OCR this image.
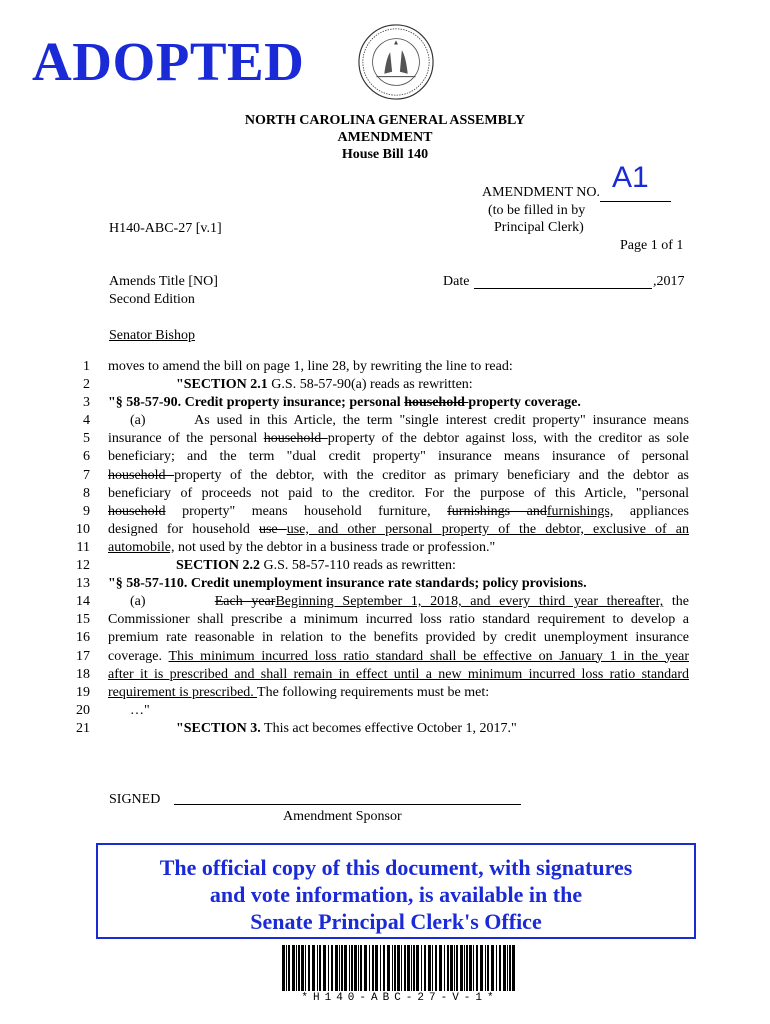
ADOPTED
NORTH CAROLINA GENERAL ASSEMBLY
AMENDMENT
House Bill 140
AMENDMENT NO. A1
(to be filled in by
Principal Clerk)
H140-ABC-27 [v.1]
Page 1 of 1
Amends Title [NO]
Second Edition
Date	,2017
Senator Bishop
1
2
3
4
5
6
7
8
9
10
11
12
13
14
15
16
17
18
19
20
21
moves to amend the bill on page 1, line 28, by rewriting the line to read:
"SECTION 2.1 G.S. 58-57-90(a) reads as rewritten:
"§ 58-57-90. Credit property insurance; personal household property coverage.
(a)       As used in this Article, the term "single interest credit property" insurance means
insurance of the personal household property of the debtor against loss, with the creditor as sole
beneficiary; and the term "dual credit property" insurance means insurance of personal
household property of the debtor, with the creditor as primary beneficiary and the debtor as
beneficiary of proceeds not paid to the creditor. For the purpose of this Article, "personal
household property" means household furniture, furnishings andfurnishings, appliances
designed for household use use, and other personal property of the debtor, exclusive of an
automobile, not used by the debtor in a business trade or profession."
SECTION 2.2 G.S. 58-57-110 reads as rewritten:
"§ 58-57-110. Credit unemployment insurance rate standards; policy provisions.
(a)        Each yearBeginning September 1, 2018, and every third year thereafter, the
Commissioner shall prescribe a minimum incurred loss ratio standard requirement to develop a
premium rate reasonable in relation to the benefits provided by credit unemployment insurance
coverage. This minimum incurred loss ratio standard shall be effective on January 1 in the year
after it is prescribed and shall remain in effect until a new minimum incurred loss ratio standard
requirement is prescribed. The following requirements must be met:
…"
"SECTION 3. This act becomes effective October 1, 2017."
SIGNED
Amendment Sponsor
The official copy of this document, with signatures
and vote information, is available in the
Senate Principal Clerk's Office
*H140-ABC-27-V-1*
